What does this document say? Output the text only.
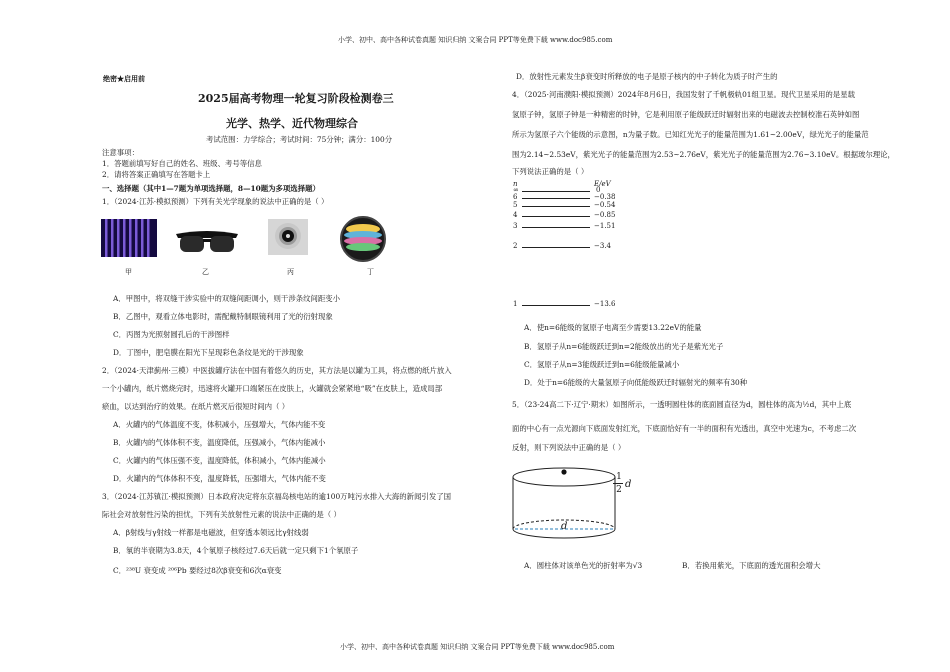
小学、初中、高中各种试卷真题 知识归纳 文案合同 PPT等免费下载 www.doc985.com
小学、初中、高中各种试卷真题 知识归纳 文案合同 PPT等免费下载 www.doc985.com
绝密★启用前
2025届高考物理一轮复习阶段检测卷三
光学、热学、近代物理综合
考试范围：力学综合；考试时间：75分钟；满分：100分
注意事项：
1．答题前填写好自己的姓名、班级、考号等信息
2．请将答案正确填写在答题卡上
一、选择题（其中1—7题为单项选择题，8—10题为多项选择题）
1．（2024·江苏·模拟预测）下列有关光学现象的说法中正确的是（ ）
甲	乙	丙	丁
A．甲图中，将双缝干涉实验中的双缝间距调小，则干涉条纹间距变小
B．乙图中，观看立体电影时，需配戴特制眼镜利用了光的衍射现象
C．丙图为光照射圆孔后的干涉图样
D．丁图中，肥皂膜在阳光下呈现彩色条纹是光的干涉现象
2．（2024·天津蓟州·三模）中医拔罐疗法在中国有着悠久的历史，其方法是以罐为工具，将点燃的纸片放入
一个小罐内，纸片燃烧完时，迅速将火罐开口端紧压在皮肤上，火罐就会紧紧地“吸”在皮肤上，造成局部
瘀血，以达到治疗的效果。在纸片燃灭后很短时间内（ ）
A．火罐内的气体温度不变，体积减小，压强增大，气体内能不变
B．火罐内的气体体积不变，温度降低，压强减小，气体内能减小
C．火罐内的气体压强不变，温度降低，体积减小，气体内能减小
D．火罐内的气体体积不变，温度降低，压强增大，气体内能不变
3．（2024·江苏镇江·模拟预测）日本政府决定将东京福岛核电站的逾100万吨污水排入大海的新闻引发了国
际社会对放射性污染的担忧，下列有关放射性元素的说法中正确的是（ ）
A．β射线与γ射线一样都是电磁波，但穿透本领远比γ射线弱
B．氡的半衰期为3.8天，4个氡原子核经过7.6天后就一定只剩下1个氡原子
C．²³⁸U 衰变成 ²⁰⁶Pb 要经过8次β衰变和6次α衰变
D．放射性元素发生β衰变时所释放的电子是原子核内的中子转化为质子时产生的
4．（2025·河南濮阳·模拟预测）2024年8月6日，我国发射了千帆极轨01组卫星。现代卫星采用的是星载
氢原子钟，氢原子钟是一种精密的时钟，它是利用原子能级跃迁时辐射出来的电磁波去控制校准石英钟如图
所示为氢原子六个能级的示意图，n为量子数。已知红光光子的能量范围为1.61~2.00eV，绿光光子的能量范
围为2.14~2.53eV，紫光光子的能量范围为2.53~2.76eV，紫光光子的能量范围为2.76~3.10eV。根据玻尔理论，
下列说法正确的是（ ）
n	E/eV
∞	0
6	−0.38
5	−0.54
4	−0.85
3	−1.51
2	−3.4
1	−13.6
A．使n=6能级的氢原子电离至少需要13.22eV的能量
B．氢原子从n=6能级跃迁到n=2能级放出的光子是紫光光子
C．氢原子从n=3能级跃迁到n=6能级能量减小
D．处于n=6能级的大量氢原子向低能级跃迁时辐射光的频率有30种
5．（23-24高二下·辽宁·期末）如图所示，一透明圆柱体的底面圆直径为d，圆柱体的高为½d，其中上底
面的中心有一点光源向下底面发射红光，下底面恰好有一半的面积有光透出，真空中光速为c，不考虑二次
反射，则下列说法中正确的是（ ）
1
2 d
d
A．圆柱体对该单色光的折射率为√3	B．若换用紫光，下底面的透光面积会增大
